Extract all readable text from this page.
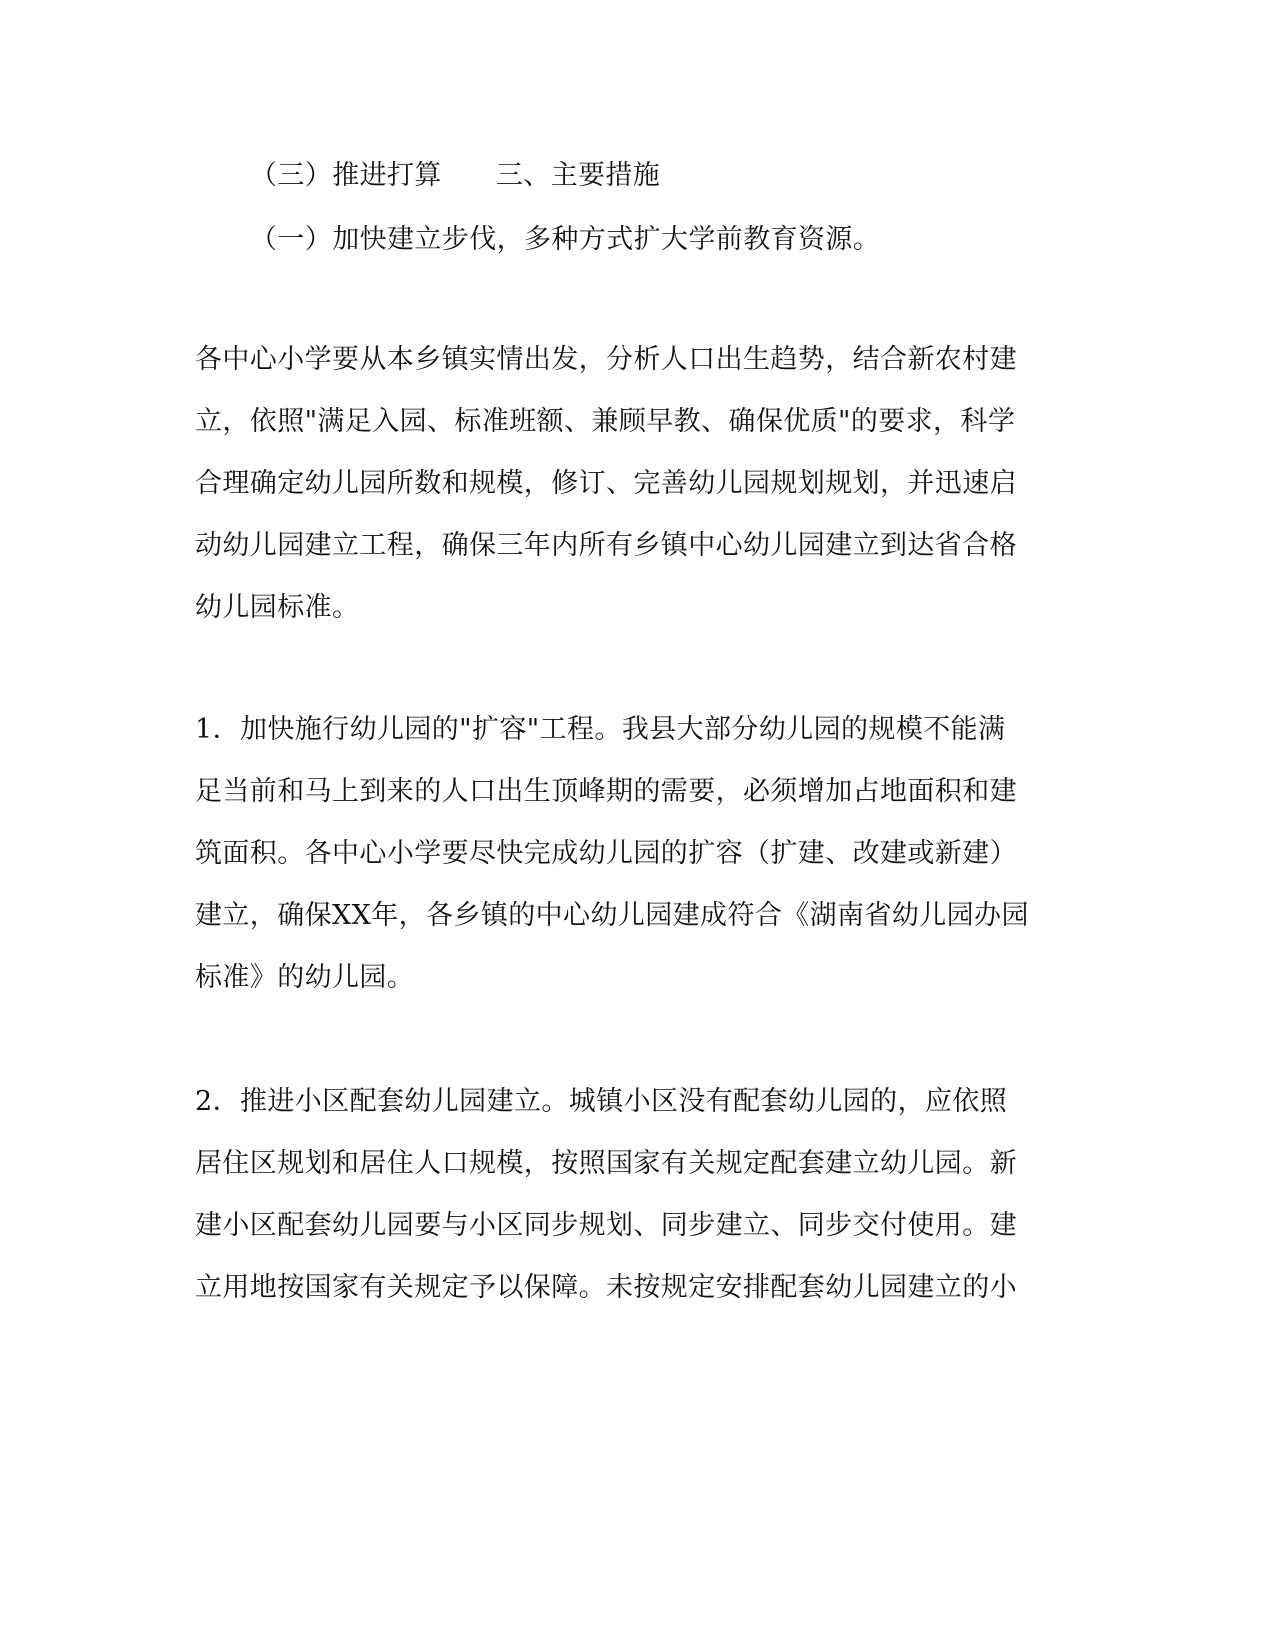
（三）推进打算 三、主要措施
（一）加快建立步伐，多种方式扩大学前教育资源。
各中心小学要从本乡镇实情出发，分析人口出生趋势，结合新农村建
立，依照"满足入园、标准班额、兼顾早教、确保优质"的要求，科学
合理确定幼儿园所数和规模，修订、完善幼儿园规划规划，并迅速启
动幼儿园建立工程，确保三年内所有乡镇中心幼儿园建立到达省合格
幼儿园标准。
1．加快施行幼儿园的"扩容"工程。我县大部分幼儿园的规模不能满
足当前和马上到来的人口出生顶峰期的需要，必须增加占地面积和建
筑面积。各中心小学要尽快完成幼儿园的扩容（扩建、改建或新建）
建立，确保XX年，各乡镇的中心幼儿园建成符合《湖南省幼儿园办园
标准》的幼儿园。
2．推进小区配套幼儿园建立。城镇小区没有配套幼儿园的，应依照
居住区规划和居住人口规模，按照国家有关规定配套建立幼儿园。新
建小区配套幼儿园要与小区同步规划、同步建立、同步交付使用。建
立用地按国家有关规定予以保障。未按规定安排配套幼儿园建立的小
